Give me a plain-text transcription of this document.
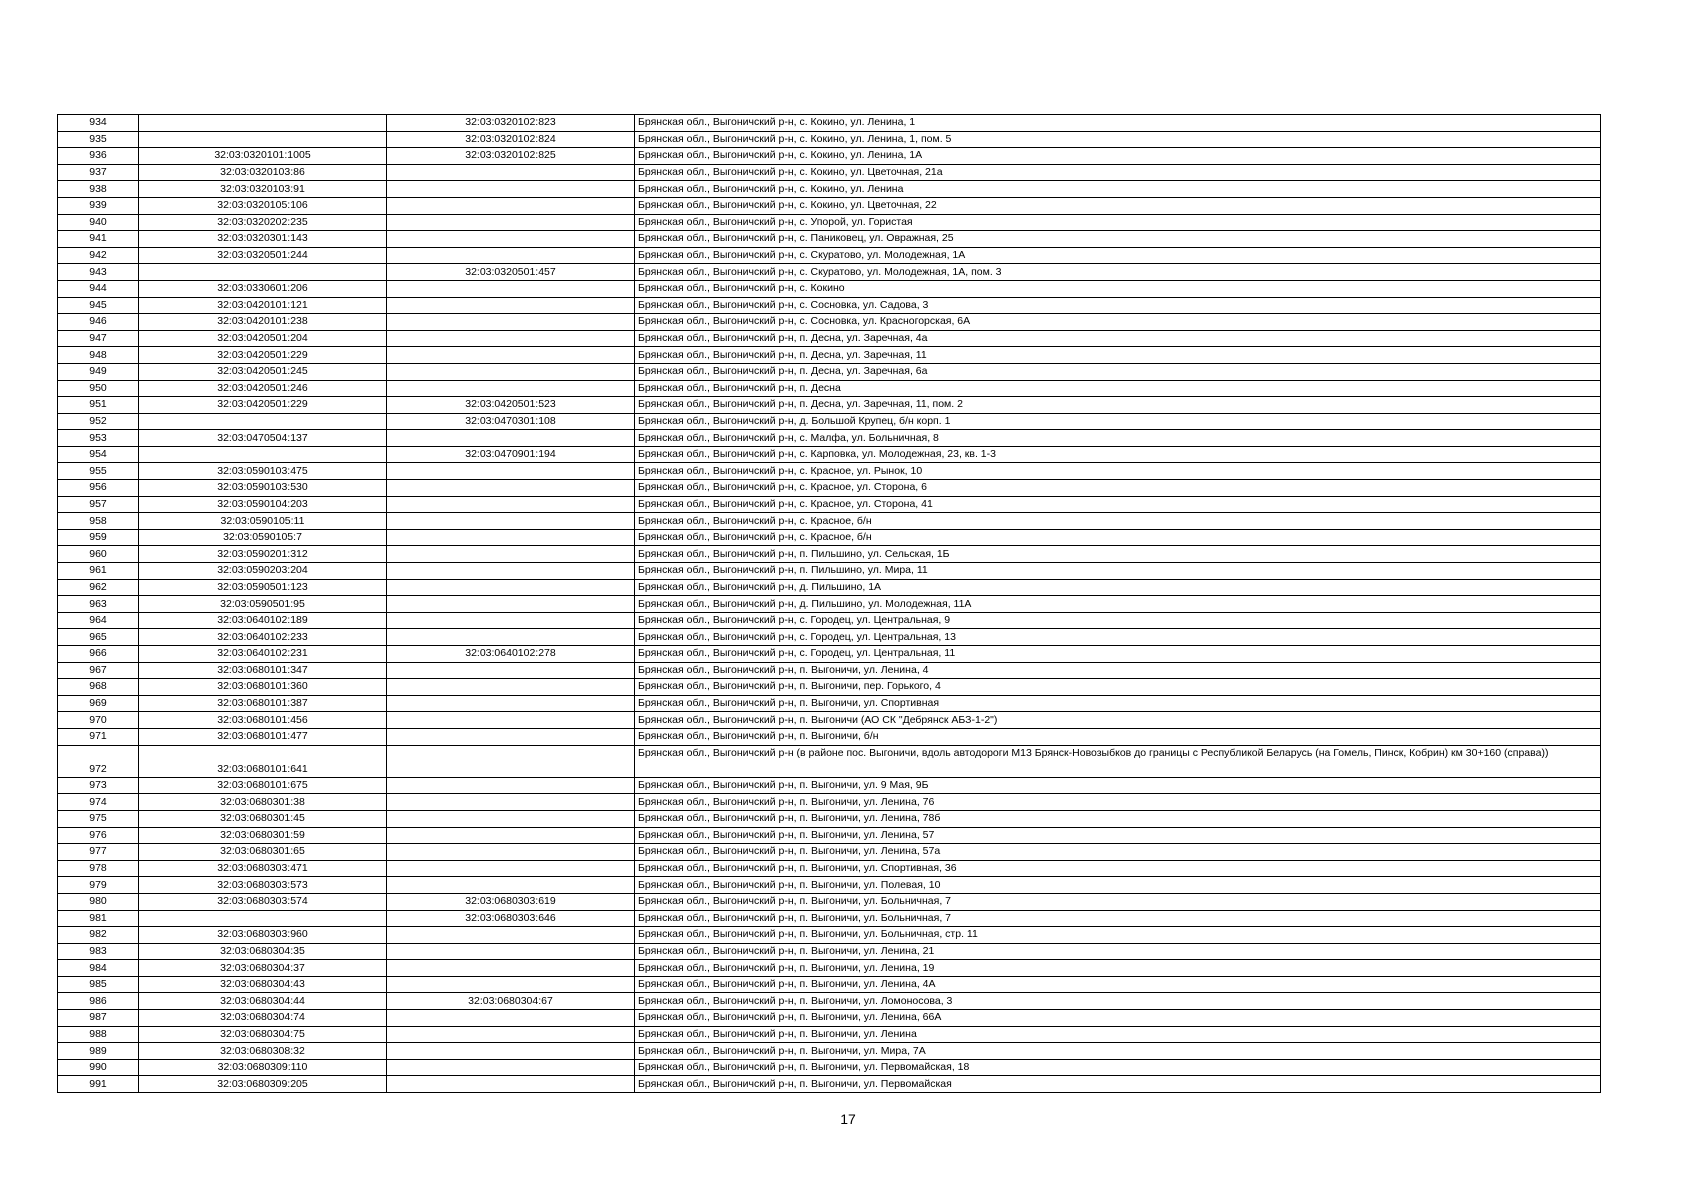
934		32:03:0320102:823	Брянская обл., Выгоничский р-н, с. Кокино, ул. Ленина, 1
935		32:03:0320102:824	Брянская обл., Выгоничский р-н, с. Кокино, ул. Ленина, 1, пом. 5
936	32:03:0320101:1005	32:03:0320102:825	Брянская обл., Выгоничский р-н, с. Кокино, ул. Ленина, 1А
937	32:03:0320103:86		Брянская обл., Выгоничский р-н, с. Кокино, ул. Цветочная, 21а
938	32:03:0320103:91		Брянская обл., Выгоничский р-н, с. Кокино, ул. Ленина
939	32:03:0320105:106		Брянская обл., Выгоничский р-н, с. Кокино, ул. Цветочная, 22
940	32:03:0320202:235		Брянская обл., Выгоничский р-н, с. Упорой, ул. Гористая
941	32:03:0320301:143		Брянская обл., Выгоничский р-н, с. Паниковец, ул. Овражная, 25
942	32:03:0320501:244		Брянская обл., Выгоничский р-н, с. Скуратово, ул. Молодежная, 1А
943		32:03:0320501:457	Брянская обл., Выгоничский р-н, с. Скуратово, ул. Молодежная, 1А, пом. 3
944	32:03:0330601:206		Брянская обл., Выгоничский р-н, с. Кокино
945	32:03:0420101:121		Брянская обл., Выгоничский р-н, с. Сосновка, ул. Садова, 3
946	32:03:0420101:238		Брянская обл., Выгоничский р-н, с. Сосновка, ул. Красногорская, 6А
947	32:03:0420501:204		Брянская обл., Выгоничский р-н, п. Десна, ул. Заречная, 4а
948	32:03:0420501:229		Брянская обл., Выгоничский р-н, п. Десна, ул. Заречная, 11
949	32:03:0420501:245		Брянская обл., Выгоничский р-н, п. Десна, ул. Заречная, 6а
950	32:03:0420501:246		Брянская обл., Выгоничский р-н, п. Десна
951	32:03:0420501:229	32:03:0420501:523	Брянская обл., Выгоничский р-н, п. Десна, ул. Заречная, 11, пом. 2
952		32:03:0470301:108	Брянская обл., Выгоничский р-н, д. Большой Крупец, б/н корп. 1
953	32:03:0470504:137		Брянская обл., Выгоничский р-н, с. Малфа, ул. Больничная, 8
954		32:03:0470901:194	Брянская обл., Выгоничский р-н, с. Карповка, ул. Молодежная, 23, кв. 1-3
955	32:03:0590103:475		Брянская обл., Выгоничский р-н, с. Красное, ул. Рынок, 10
956	32:03:0590103:530		Брянская обл., Выгоничский р-н, с. Красное, ул. Сторона, 6
957	32:03:0590104:203		Брянская обл., Выгоничский р-н, с. Красное, ул. Сторона, 41
958	32:03:0590105:11		Брянская обл., Выгоничский р-н, с. Красное, б/н
959	32:03:0590105:7		Брянская обл., Выгоничский р-н, с. Красное, б/н
960	32:03:0590201:312		Брянская обл., Выгоничский р-н, п. Пильшино, ул. Сельская, 1Б
961	32:03:0590203:204		Брянская обл., Выгоничский р-н, п. Пильшино, ул. Мира, 11
962	32:03:0590501:123		Брянская обл., Выгоничский р-н, д. Пильшино, 1А
963	32:03:0590501:95		Брянская обл., Выгоничский р-н, д. Пильшино, ул. Молодежная, 11А
964	32:03:0640102:189		Брянская обл., Выгоничский р-н, с. Городец, ул. Центральная, 9
965	32:03:0640102:233		Брянская обл., Выгоничский р-н, с. Городец, ул. Центральная, 13
966	32:03:0640102:231	32:03:0640102:278	Брянская обл., Выгоничский р-н, с. Городец, ул. Центральная, 11
967	32:03:0680101:347		Брянская обл., Выгоничский р-н, п. Выгоничи, ул. Ленина, 4
968	32:03:0680101:360		Брянская обл., Выгоничский р-н, п. Выгоничи, пер. Горького, 4
969	32:03:0680101:387		Брянская обл., Выгоничский р-н, п. Выгоничи, ул. Спортивная
970	32:03:0680101:456		Брянская обл., Выгоничский р-н, п. Выгоничи (АО СК "Дебрянск АБЗ-1-2")
971	32:03:0680101:477		Брянская обл., Выгоничский р-н, п. Выгоничи, б/н
972	32:03:0680101:641		Брянская обл., Выгоничский р-н (в районе пос. Выгоничи, вдоль автодороги М13 Брянск-Новозыбков до границы с Республикой Беларусь (на Гомель, Пинск, Кобрин) км 30+160 (справа))
973	32:03:0680101:675		Брянская обл., Выгоничский р-н, п. Выгоничи, ул. 9 Мая, 9Б
974	32:03:0680301:38		Брянская обл., Выгоничский р-н, п. Выгоничи, ул. Ленина, 76
975	32:03:0680301:45		Брянская обл., Выгоничский р-н, п. Выгоничи, ул. Ленина, 78б
976	32:03:0680301:59		Брянская обл., Выгоничский р-н, п. Выгоничи, ул. Ленина, 57
977	32:03:0680301:65		Брянская обл., Выгоничский р-н, п. Выгоничи, ул. Ленина, 57а
978	32:03:0680303:471		Брянская обл., Выгоничский р-н, п. Выгоничи, ул. Спортивная, 36
979	32:03:0680303:573		Брянская обл., Выгоничский р-н, п. Выгоничи, ул. Полевая, 10
980	32:03:0680303:574	32:03:0680303:619	Брянская обл., Выгоничский р-н, п. Выгоничи, ул. Больничная, 7
981		32:03:0680303:646	Брянская обл., Выгоничский р-н, п. Выгоничи, ул. Больничная, 7
982	32:03:0680303:960		Брянская обл., Выгоничский р-н, п. Выгоничи, ул. Больничная, стр. 11
983	32:03:0680304:35		Брянская обл., Выгоничский р-н, п. Выгоничи, ул. Ленина, 21
984	32:03:0680304:37		Брянская обл., Выгоничский р-н, п. Выгоничи, ул. Ленина, 19
985	32:03:0680304:43		Брянская обл., Выгоничский р-н, п. Выгоничи, ул. Ленина, 4А
986	32:03:0680304:44	32:03:0680304:67	Брянская обл., Выгоничский р-н, п. Выгоничи, ул. Ломоносова, 3
987	32:03:0680304:74		Брянская обл., Выгоничский р-н, п. Выгоничи, ул. Ленина, 66А
988	32:03:0680304:75		Брянская обл., Выгоничский р-н, п. Выгоничи, ул. Ленина
989	32:03:0680308:32		Брянская обл., Выгоничский р-н, п. Выгоничи, ул. Мира, 7А
990	32:03:0680309:110		Брянская обл., Выгоничский р-н, п. Выгоничи, ул. Первомайская, 18
991	32:03:0680309:205		Брянская обл., Выгоничский р-н, п. Выгоничи, ул. Первомайская
17
